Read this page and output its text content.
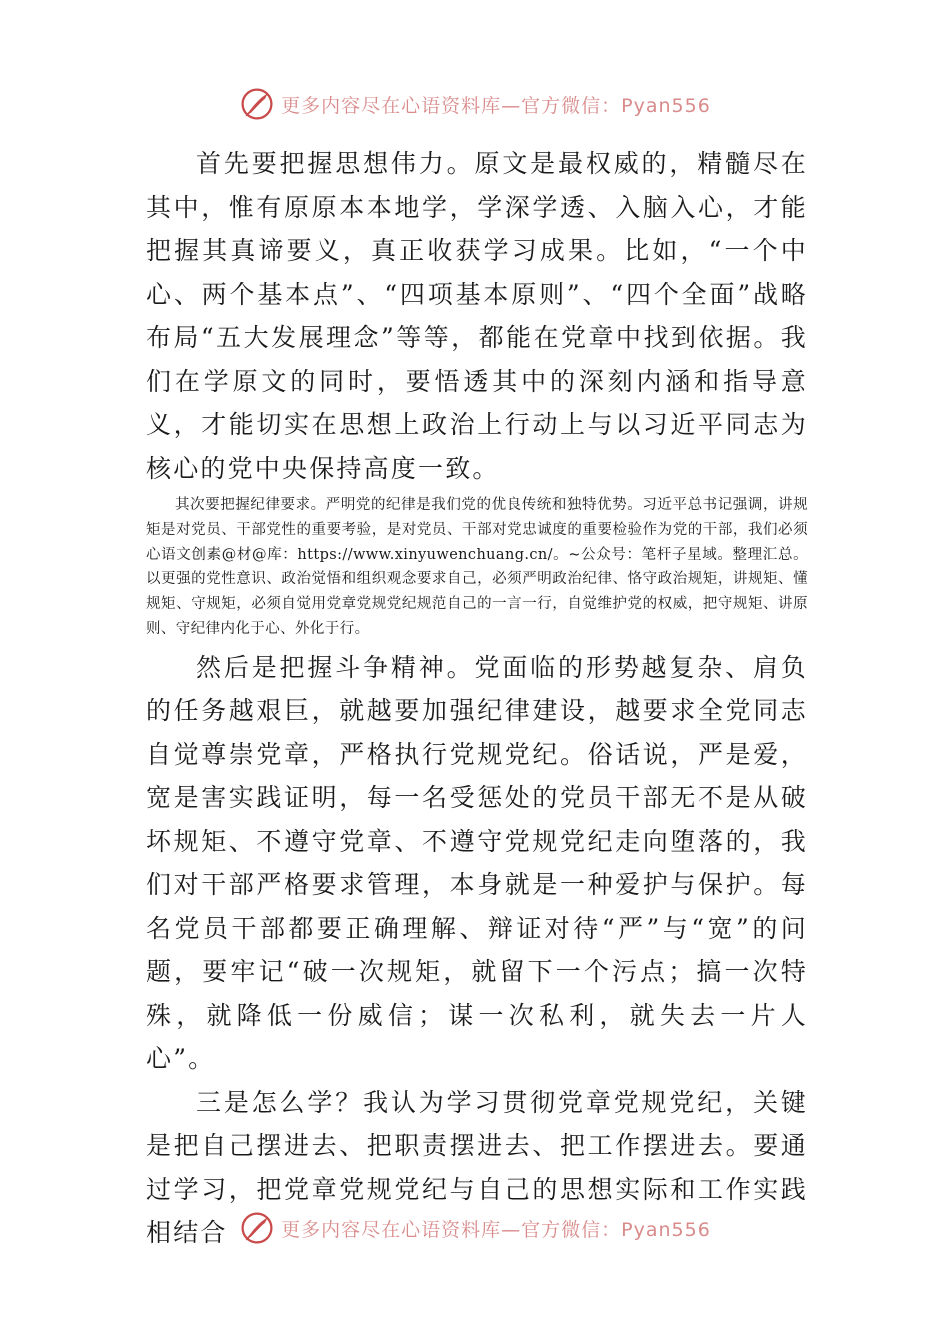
更多内容尽在心语资料库—官方微信：Pyan556

首先要把握思想伟力。原文是最权威的，精髓尽在其中，惟有原原本本地学，学深学透、入脑入心，才能把握其真谛要义，真正收获学习成果。比如，“一个中心、两个基本点”、“四项基本原则”、“四个全面”战略布局“五大发展理念”等等，都能在党章中找到依据。我们在学原文的同时，要悟透其中的深刻内涵和指导意义，才能切实在思想上政治上行动上与以习近平同志为核心的党中央保持高度一致。

其次要把握纪律要求。严明党的纪律是我们党的优良传统和独特优势。习近平总书记强调，讲规矩是对党员、干部党性的重要考验，是对党员、干部对党忠诚度的重要检验作为党的干部，我们必须心语文创素@材@库：https://www.xinyuwenchuang.cn/。~公众号：笔杆子星域。整理汇总。以更强的党性意识、政治觉悟和组织观念要求自己，必须严明政治纪律、恪守政治规矩，讲规矩、懂规矩、守规矩，必须自觉用党章党规党纪规范自己的一言一行，自觉维护党的权威，把守规矩、讲原则、守纪律内化于心、外化于行。

然后是把握斗争精神。党面临的形势越复杂、肩负的任务越艰巨，就越要加强纪律建设，越要求全党同志自觉尊崇党章，严格执行党规党纪。俗话说，严是爱，宽是害实践证明，每一名受惩处的党员干部无不是从破坏规矩、不遵守党章、不遵守党规党纪走向堕落的，我们对干部严格要求管理，本身就是一种爱护与保护。每名党员干部都要正确理解、辩证对待“严”与“宽”的问题，要牢记“破一次规矩，就留下一个污点；搞一次特殊，就降低一份威信；谋一次私利，就失去一片人心”。

三是怎么学？我认为学习贯彻党章党规党纪，关键是把自己摆进去、把职责摆进去、把工作摆进去。要通过学习，把党章党规党纪与自己的思想实际和工作实践相结合	更多内容尽在心语资料库—官方微信：Pyan556
